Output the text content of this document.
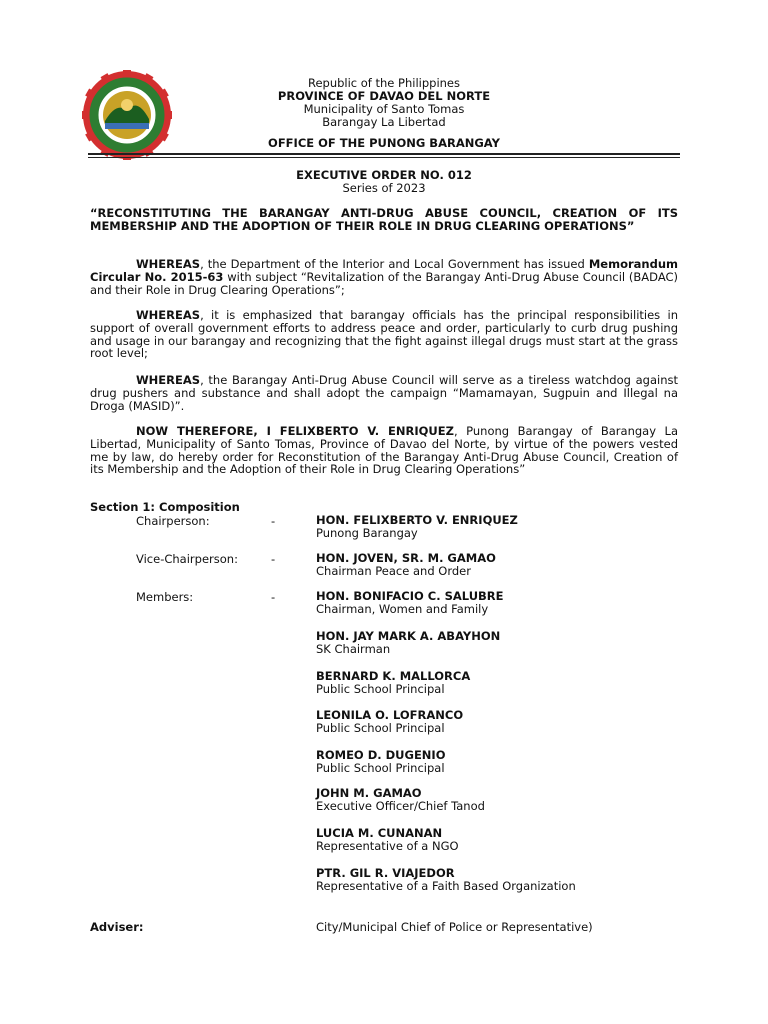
Republic of the Philippines
PROVINCE OF DAVAO DEL NORTE
Municipality of Santo Tomas
Barangay La Libertad
OFFICE OF THE PUNONG BARANGAY
EXECUTIVE ORDER NO. 012
Series of 2023
“RECONSTITUTING THE BARANGAY ANTI-DRUG ABUSE COUNCIL, CREATION OF ITS MEMBERSHIP AND THE ADOPTION OF THEIR ROLE IN DRUG CLEARING OPERATIONS”
WHEREAS, the Department of the Interior and Local Government has issued Memorandum Circular No. 2015-63 with subject “Revitalization of the Barangay Anti-Drug Abuse Council (BADAC) and their Role in Drug Clearing Operations”;
WHEREAS, it is emphasized that barangay officials has the principal responsibilities in support of overall government efforts to address peace and order, particularly to curb drug pushing and usage in our barangay and recognizing that the fight against illegal drugs must start at the grass root level;
WHEREAS, the Barangay Anti-Drug Abuse Council will serve as a tireless watchdog against drug pushers and substance and shall adopt the campaign “Mamamayan, Sugpuin and Illegal na Droga (MASID)”.
NOW THEREFORE, I FELIXBERTO V. ENRIQUEZ, Punong Barangay of Barangay La Libertad, Municipality of Santo Tomas, Province of Davao del Norte, by virtue of the powers vested me by law, do hereby order for Reconstitution of the Barangay Anti-Drug Abuse Council, Creation of its Membership and the Adoption of their Role in Drug Clearing Operations”
Section 1: Composition
Chairperson:	-	HON. FELIXBERTO V. ENRIQUEZ
Punong Barangay
Vice-Chairperson:	-	HON. JOVEN, SR. M. GAMAO
Chairman Peace and Order
Members:	-	HON. BONIFACIO C. SALUBRE
Chairman, Women and Family
HON. JAY MARK A. ABAYHON
SK Chairman
BERNARD K. MALLORCA
Public School Principal
LEONILA O. LOFRANCO
Public School Principal
ROMEO D. DUGENIO
Public School Principal
JOHN M. GAMAO
Executive Officer/Chief Tanod
LUCIA M. CUNANAN
Representative of a NGO
PTR. GIL R. VIAJEDOR
Representative of a Faith Based Organization
Adviser:	City/Municipal Chief of Police or Representative)
